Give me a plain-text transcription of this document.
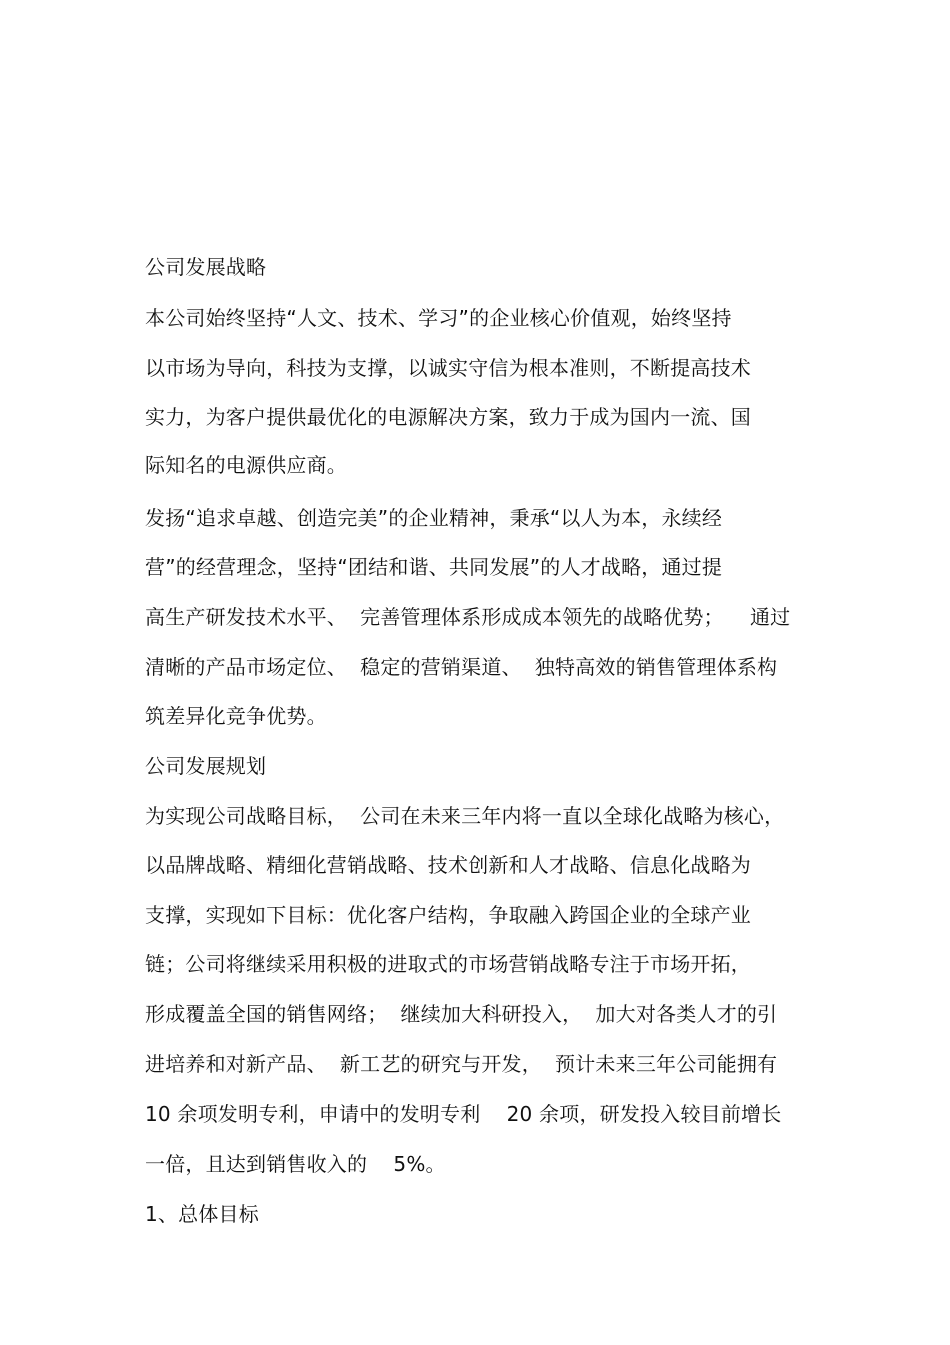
公司发展战略
本公司始终坚持“人文、技术、学习”的企业核心价值观，始终坚持
以市场为导向，科技为支撑，以诚实守信为根本准则，不断提高技术
实力，为客户提供最优化的电源解决方案，致力于成为国内一流、国
际知名的电源供应商。
发扬“追求卓越、创造完美”的企业精神，秉承“以人为本，永续经
营”的经营理念，坚持“团结和谐、共同发展”的人才战略，通过提
高生产研发技术水平、  完善管理体系形成成本领先的战略优势；    通过
清晰的产品市场定位、  稳定的营销渠道、  独特高效的销售管理体系构
筑差异化竞争优势。
公司发展规划
为实现公司战略目标，  公司在未来三年内将一直以全球化战略为核心，
以品牌战略、精细化营销战略、技术创新和人才战略、信息化战略为
支撑，实现如下目标：优化客户结构，争取融入跨国企业的全球产业
链；公司将继续采用积极的进取式的市场营销战略专注于市场开拓，
形成覆盖全国的销售网络；  继续加大科研投入，  加大对各类人才的引
进培养和对新产品、  新工艺的研究与开发，  预计未来三年公司能拥有
10 余项发明专利，申请中的发明专利    20 余项，研发投入较目前增长
一倍，且达到销售收入的    5%。
1、总体目标
